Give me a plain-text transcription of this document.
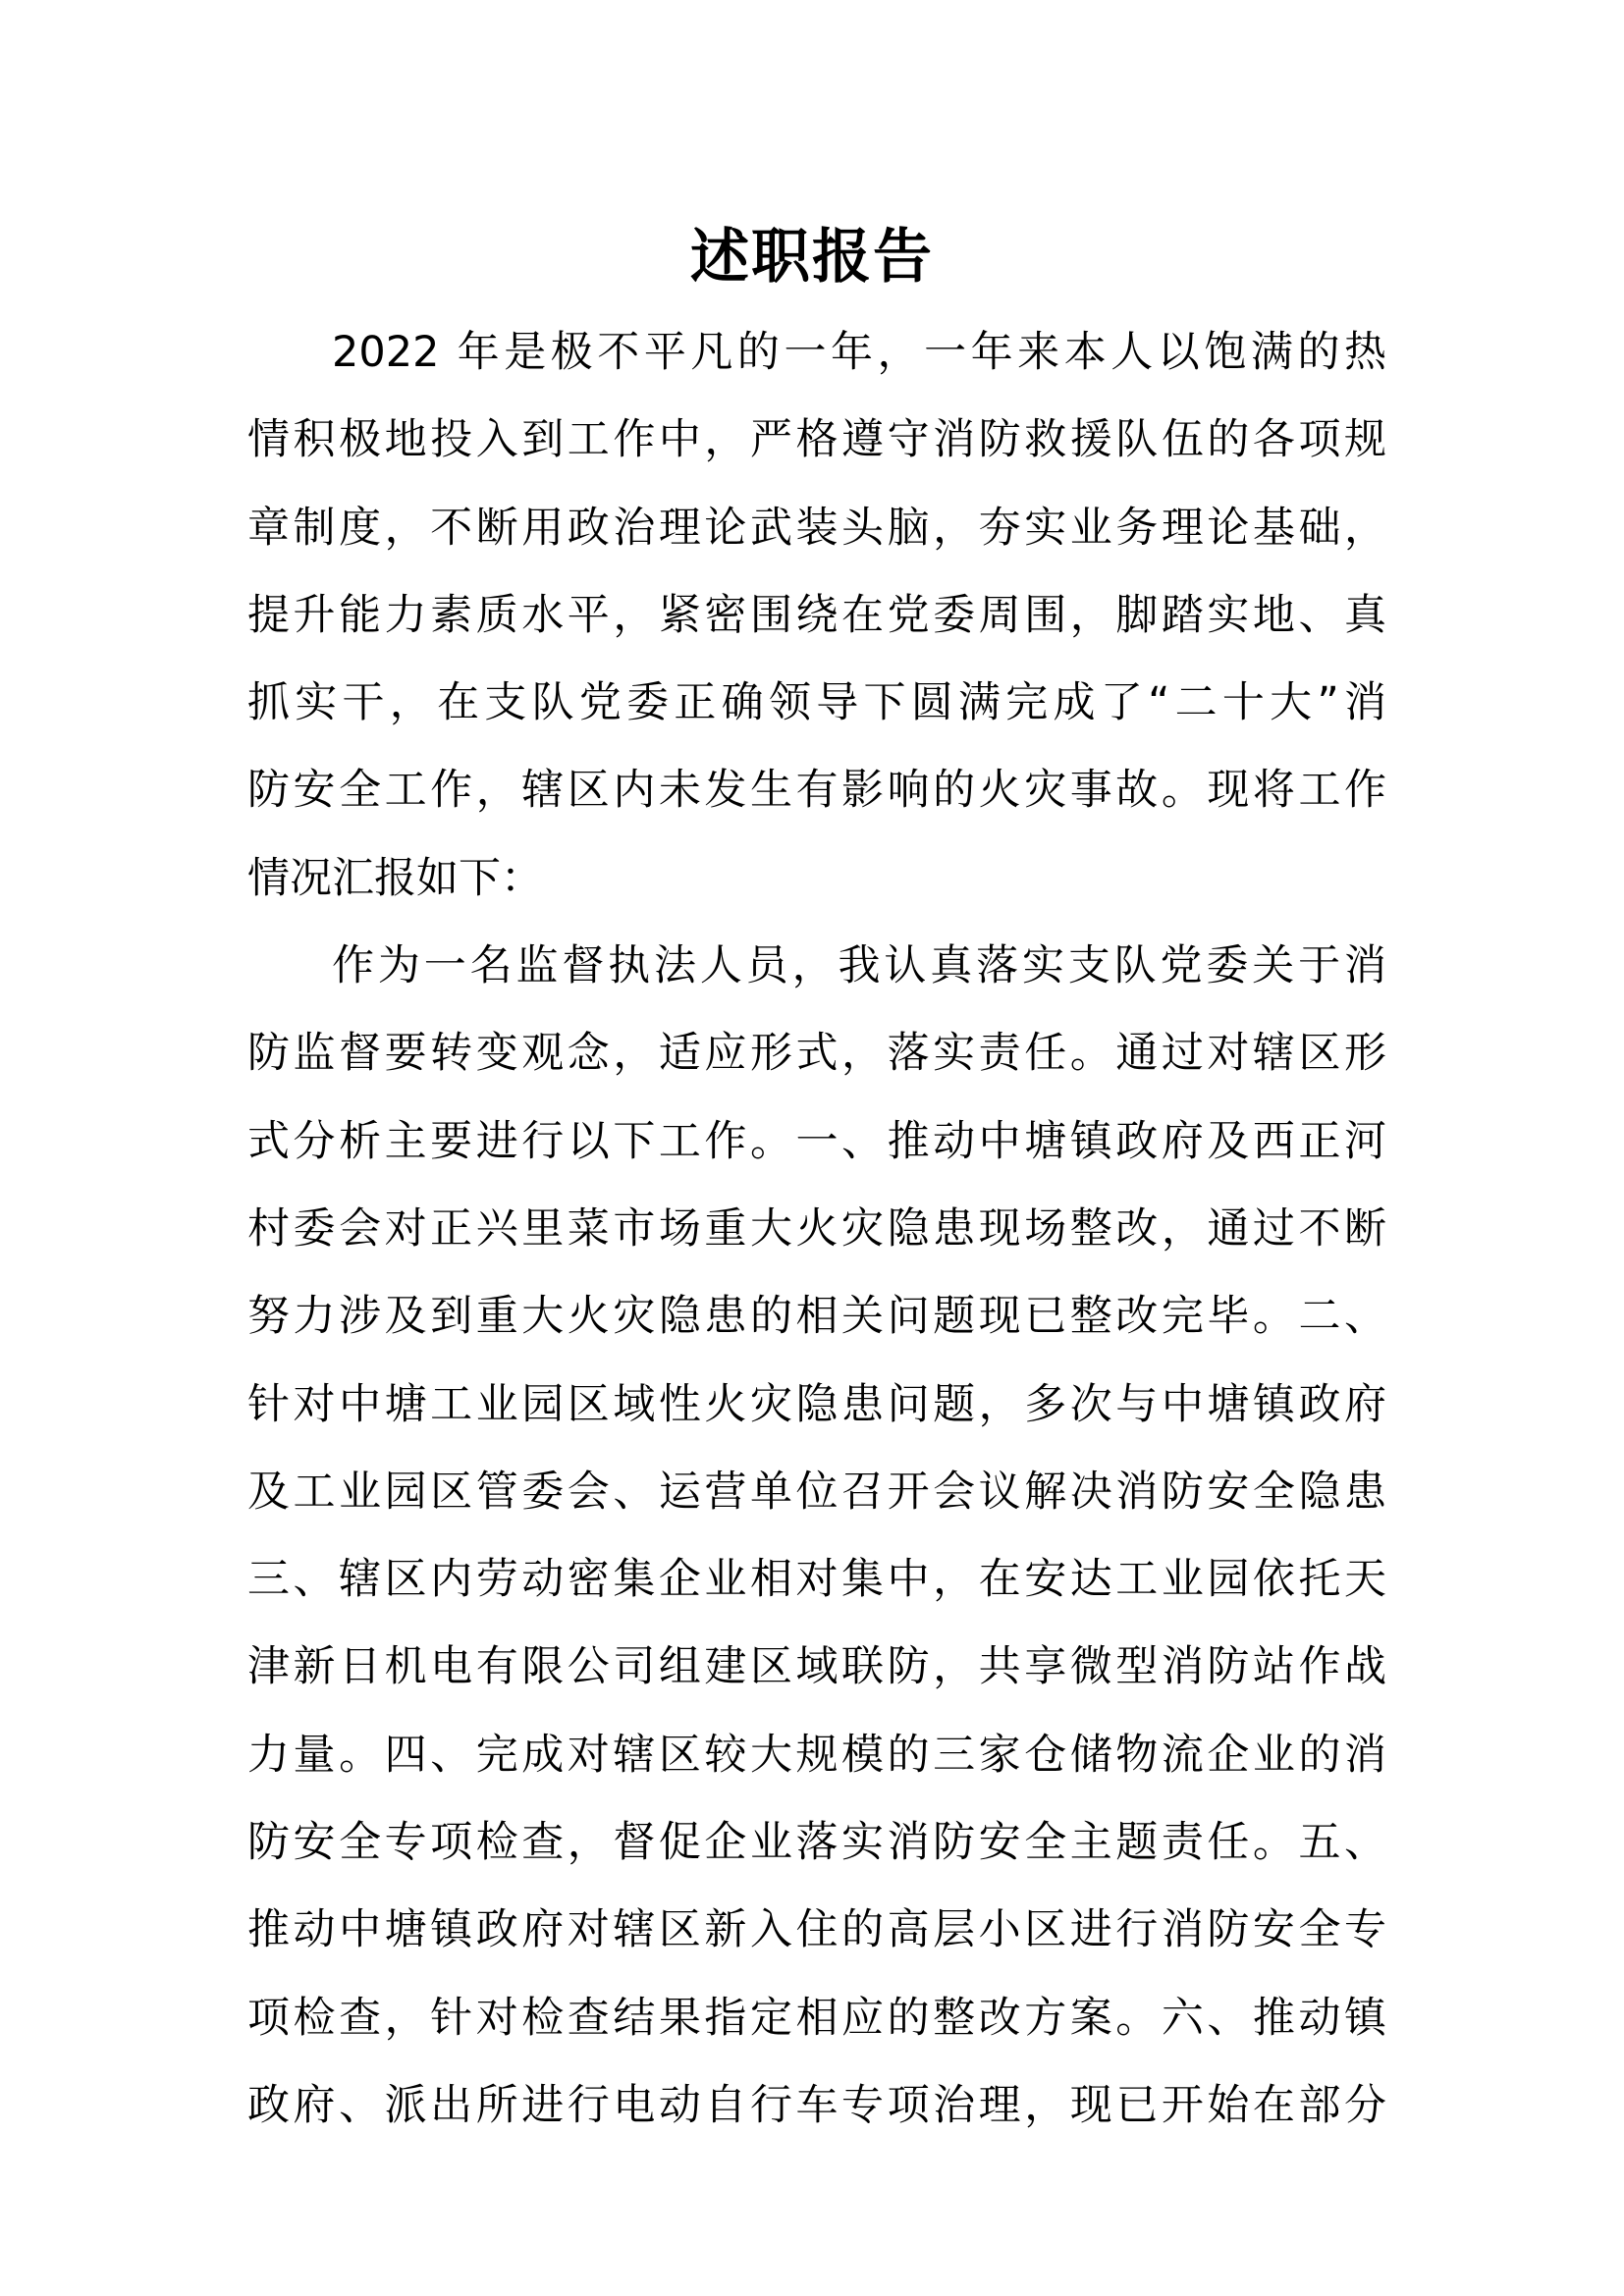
述职报告
2022 年是极不平凡的一年，一年来本人以饱满的热
情积极地投入到工作中，严格遵守消防救援队伍的各项规
章制度，不断用政治理论武装头脑，夯实业务理论基础，
提升能力素质水平，紧密围绕在党委周围，脚踏实地、真
抓实干，在支队党委正确领导下圆满完成了“二十大”消
防安全工作，辖区内未发生有影响的火灾事故。现将工作
情况汇报如下：
作为一名监督执法人员，我认真落实支队党委关于消
防监督要转变观念，适应形式，落实责任。通过对辖区形
式分析主要进行以下工作。一、推动中塘镇政府及西正河
村委会对正兴里菜市场重大火灾隐患现场整改，通过不断
努力涉及到重大火灾隐患的相关问题现已整改完毕。二、
针对中塘工业园区域性火灾隐患问题，多次与中塘镇政府
及工业园区管委会、运营单位召开会议解决消防安全隐患
三、辖区内劳动密集企业相对集中，在安达工业园依托天
津新日机电有限公司组建区域联防，共享微型消防站作战
力量。四、完成对辖区较大规模的三家仓储物流企业的消
防安全专项检查，督促企业落实消防安全主题责任。五、
推动中塘镇政府对辖区新入住的高层小区进行消防安全专
项检查，针对检查结果指定相应的整改方案。六、推动镇
政府、派出所进行电动自行车专项治理，现已开始在部分
